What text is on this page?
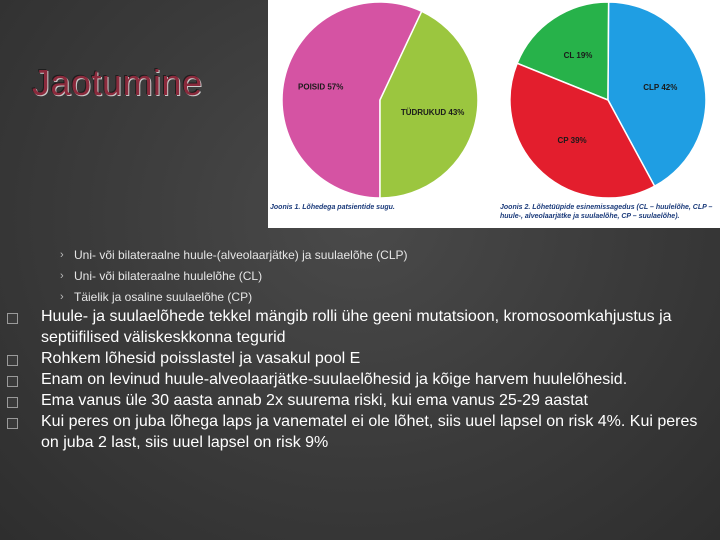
Jaotumine	POISID 57%
TÜDRUKUD 43%
CL 19%
CLP 42%
CP 39%
Joonis 1. Lõhedega patsientide sugu.	Joonis 2. Lõhetüüpide esinemissagedus (CL – huulelõhe, CLP – huule-, alveolaarjätke ja suulaelõhe, CP – suulaelõhe).
› Uni- või bilateraalne huule-(alveolaarjätke) ja suulaelõhe (CLP)
› Uni- või bilateraalne huulelõhe (CL)
› Täielik ja osaline suulaelõhe (CP)
Huule- ja suulaelõhede tekkel mängib rolli ühe geeni mutatsioon, kromosoomkahjustus ja septiifilised väliskeskkonna tegurid
Rohkem lõhesid poisslastel ja vasakul pool E
Enam on levinud huule-alveolaarjätke-suulaelõhesid ja kõige harvem huulelõhesid.
Ema vanus üle 30 aasta annab 2x suurema riski, kui ema vanus 25-29 aastat
Kui peres on juba lõhega laps ja vanematel ei ole lõhet, siis uuel lapsel on risk 4%. Kui peres on juba 2 last, siis uuel lapsel on risk 9%
